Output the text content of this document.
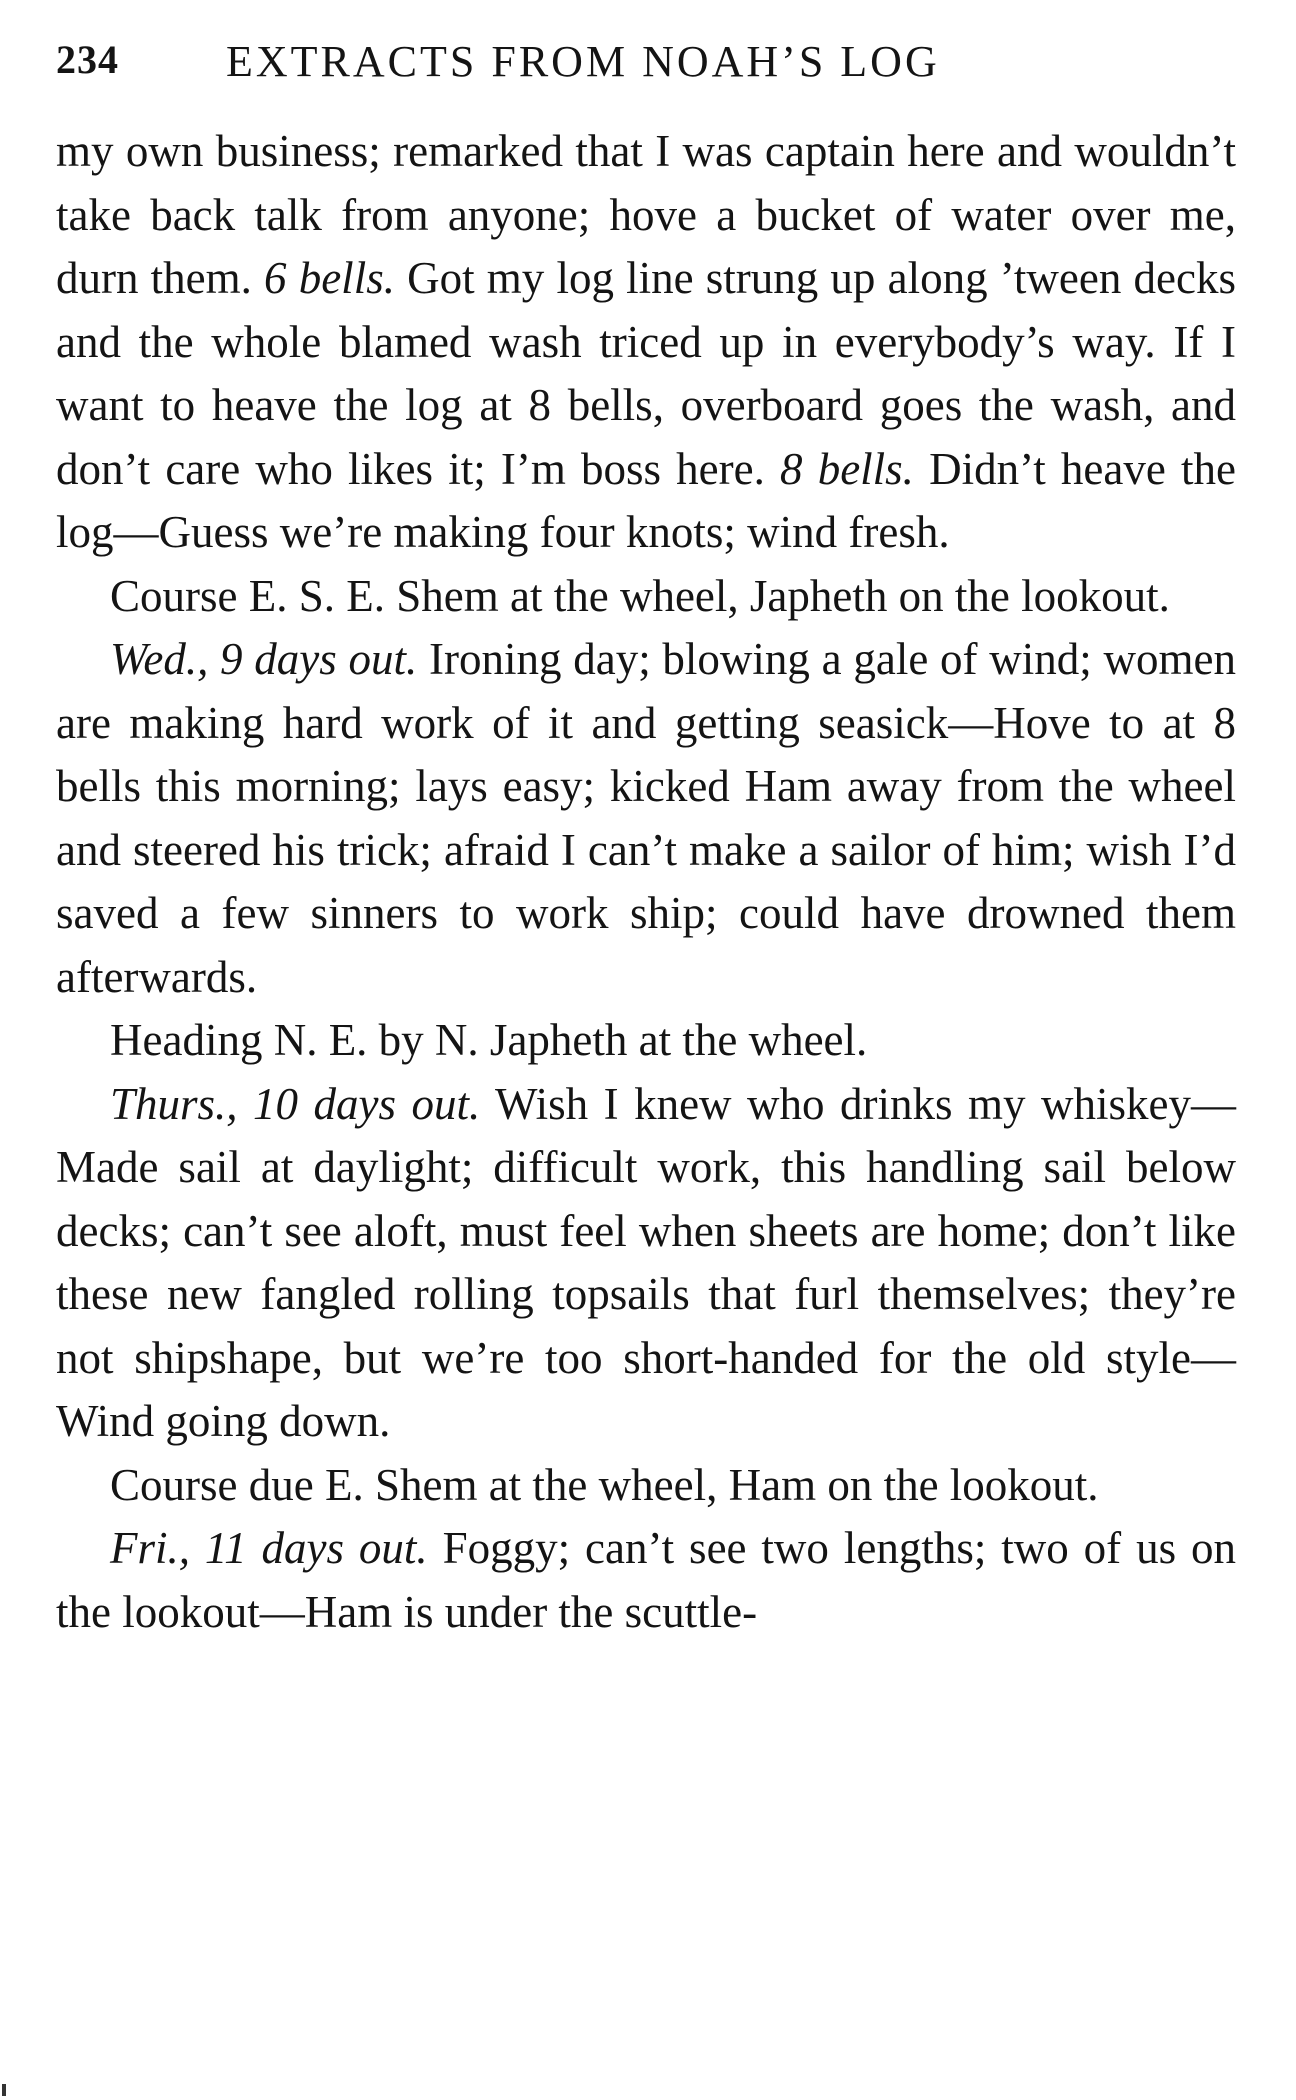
234 EXTRACTS FROM NOAH’S LOG

my own business; remarked that I was captain here and wouldn’t take back talk from anyone; hove a bucket of water over me, durn them. 6 bells. Got my log line strung up along ’tween decks and the whole blamed wash triced up in everybody’s way. If I want to heave the log at 8 bells, overboard goes the wash, and don’t care who likes it; I’m boss here. 8 bells. Didn’t heave the log—Guess we’re making four knots; wind fresh.

Course E. S. E. Shem at the wheel, Japheth on the lookout.

Wed., 9 days out. Ironing day; blowing a gale of wind; women are making hard work of it and getting seasick—Hove to at 8 bells this morning; lays easy; kicked Ham away from the wheel and steered his trick; afraid I can’t make a sailor of him; wish I’d saved a few sinners to work ship; could have drowned them afterwards.

Heading N. E. by N. Japheth at the wheel.

Thurs., 10 days out. Wish I knew who drinks my whiskey—Made sail at daylight; difficult work, this handling sail below decks; can’t see aloft, must feel when sheets are home; don’t like these new fangled rolling topsails that furl themselves; they’re not shipshape, but we’re too short-handed for the old style—Wind going down.

Course due E. Shem at the wheel, Ham on the lookout.

Fri., 11 days out. Foggy; can’t see two lengths; two of us on the lookout—Ham is under the scuttle-
